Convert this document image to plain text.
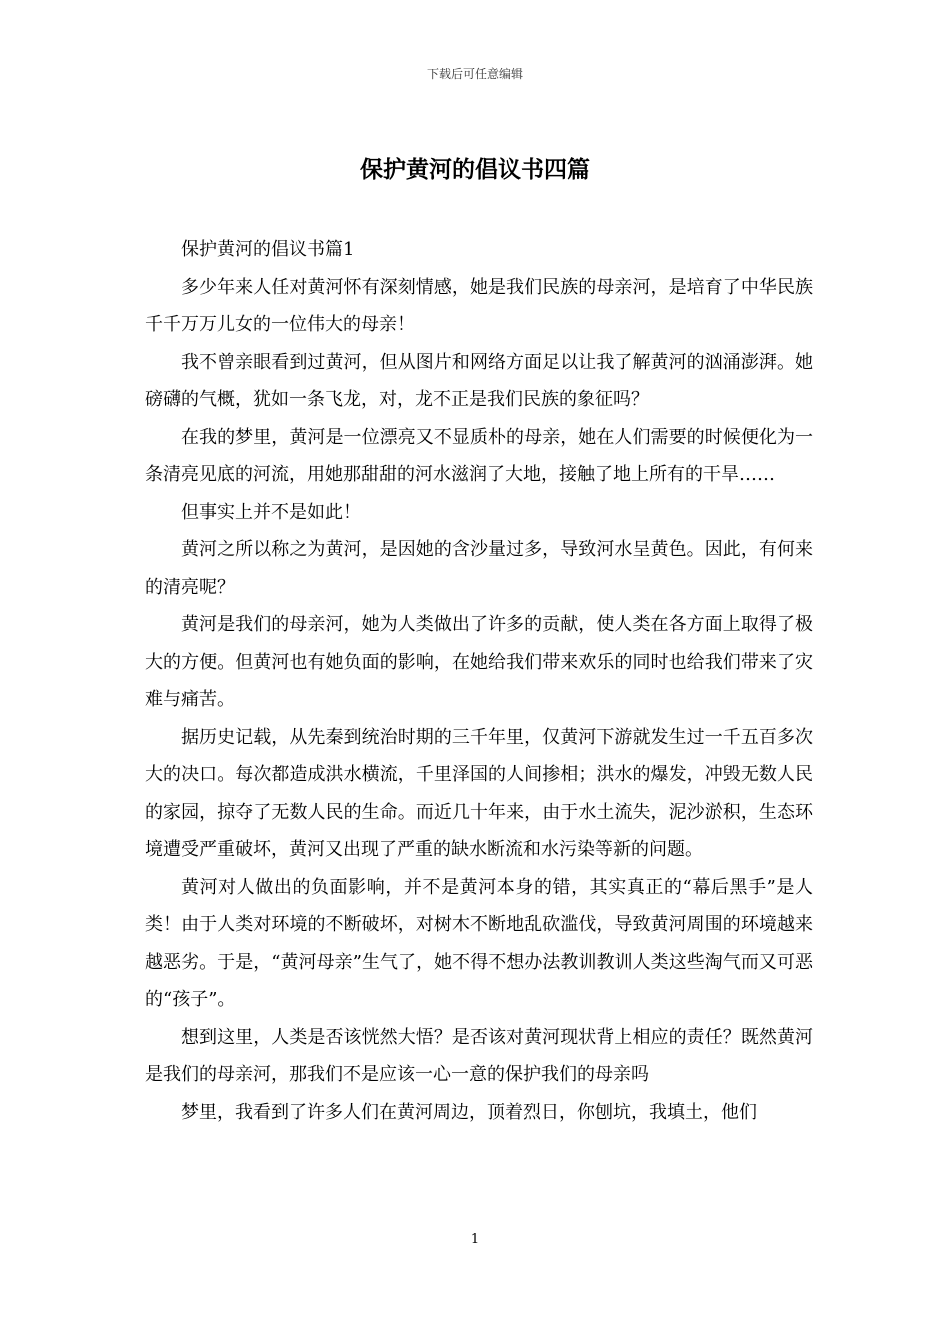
下载后可任意编辑
保护黄河的倡议书四篇

保护黄河的倡议书篇1

多少年来人任对黄河怀有深刻情感，她是我们民族的母亲河，是培育了中华民族千千万万儿女的一位伟大的母亲！

我不曾亲眼看到过黄河，但从图片和网络方面足以让我了解黄河的汹涌澎湃。她磅礴的气概，犹如一条飞龙，对，龙不正是我们民族的象征吗？

在我的梦里，黄河是一位漂亮又不显质朴的母亲，她在人们需要的时候便化为一条清亮见底的河流，用她那甜甜的河水滋润了大地，接触了地上所有的干旱……

但事实上并不是如此！

黄河之所以称之为黄河，是因她的含沙量过多，导致河水呈黄色。因此，有何来的清亮呢？

黄河是我们的母亲河，她为人类做出了许多的贡献，使人类在各方面上取得了极大的方便。但黄河也有她负面的影响，在她给我们带来欢乐的同时也给我们带来了灾难与痛苦。

据历史记载，从先秦到统治时期的三千年里，仅黄河下游就发生过一千五百多次大的决口。每次都造成洪水横流，千里泽国的人间掺相；洪水的爆发，冲毁无数人民的家园，掠夺了无数人民的生命。而近几十年来，由于水土流失，泥沙淤积，生态环境遭受严重破坏，黄河又出现了严重的缺水断流和水污染等新的问题。

黄河对人做出的负面影响，并不是黄河本身的错，其实真正的“幕后黑手”是人类！由于人类对环境的不断破坏，对树木不断地乱砍滥伐，导致黄河周围的环境越来越恶劣。于是，“黄河母亲”生气了，她不得不想办法教训教训人类这些淘气而又可恶的“孩子”。

想到这里，人类是否该恍然大悟？是否该对黄河现状背上相应的责任？既然黄河是我们的母亲河，那我们不是应该一心一意的保护我们的母亲吗

梦里，我看到了许多人们在黄河周边，顶着烈日，你刨坑，我填土，他们

1
